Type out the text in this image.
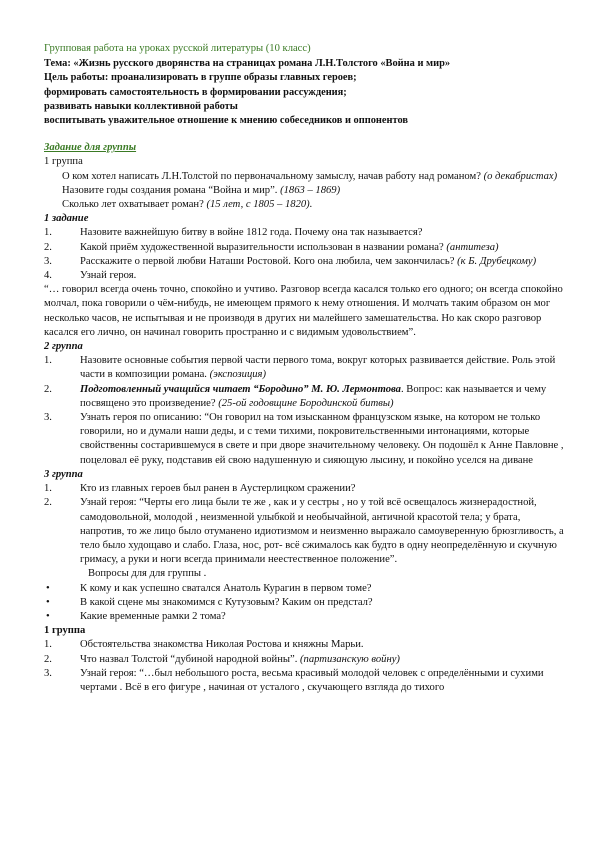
Групповая работа на уроках русской литературы (10 класс)
Тема: «Жизнь русского дворянства на страницах романа Л.Н.Толстого «Война и мир»
Цель работы: проанализировать в группе образы главных героев;
формировать самостоятельность в формировании рассуждения;
развивать навыки коллективной работы
воспитывать уважительное отношение к мнению собеседников и оппонентов
Задание для группы
1 группа
О ком хотел написать Л.Н.Толстой по первоначальному замыслу, начав работу над романом? (о декабристах)
Назовите годы создания романа “Война и мир”. (1863 – 1869)
Сколько лет охватывает роман? (15 лет, с 1805 – 1820).
1 задание
1.	Назовите важнейшую битву в войне 1812 года. Почему она так называется?
2.	Какой приём художественной выразительности использован в названии романа? (антитеза)
3.	Расскажите о первой любви Наташи Ростовой. Кого она любила, чем закончилась? (к Б. Друбецкому)
4.	Узнай героя.
“… говорил всегда очень точно, спокойно и учтиво. Разговор всегда касался только его одного; он всегда спокойно молчал, пока говорили о чём-нибудь, не имеющем прямого к нему отношения. И молчать таким образом он мог несколько часов, не испытывая и не производя в других ни малейшего замешательства. Но как скоро разговор касался его лично, он начинал говорить пространно и с видимым удовольствием”.
2 группа
1.	Назовите основные события первой части первого тома, вокруг которых развивается действие. Роль этой части в композиции романа. (экспозиция)
2.	Подготовленный учащийся читает “Бородино” М. Ю. Лермонтова. Вопрос: как называется и чему посвящено это произведение? (25-ой годовщине Бородинской битвы)
3.	Узнать героя по описанию: “Он говорил на том изысканном французском языке, на котором не только говорили, но и думали наши деды, и с теми тихими, покровительственными интонациями, которые свойственны состарившемуся в свете и при дворе значительному человеку. Он подошёл к Анне Павловне , поцеловал её руку, подставив ей свою надушенную и сияющую лысину, и покойно уселся на диване
3 группа
1.	Кто из главных героев был ранен в Аустерлицком сражении?
2.	Узнай героя: “Черты его лица были те же , как и у сестры , но у той всё освещалось жизнерадостной, самодовольной, молодой , неизменной улыбкой и необычайной, античной красотой тела; у брата, напротив, то же лицо было отуманено идиотизмом и неизменно выражало самоуверенную брюзгливость, а тело было худощаво и слабо. Глаза, нос, рот- всё сжималось как будто в одну неопределённую и скучную гримасу, а руки и ноги всегда принимали неестественное положение”.
Вопросы для для группы .
•	К кому и как успешно сватался Анатоль Курагин в первом томе?
•	В какой сцене мы знакомимся с Кутузовым? Каким он предстал?
•	Какие временные рамки 2 тома?
1 группа
1.	Обстоятельства знакомства Николая Ростова и княжны Марьи.
2.	Что назвал Толстой “дубиной народной войны”. (партизанскую войну)
3.	Узнай героя: “…был небольшого роста, весьма красивый молодой человек с определёнными и сухими чертами . Всё в его фигуре , начиная от усталого , скучающего взгляда до тихого
